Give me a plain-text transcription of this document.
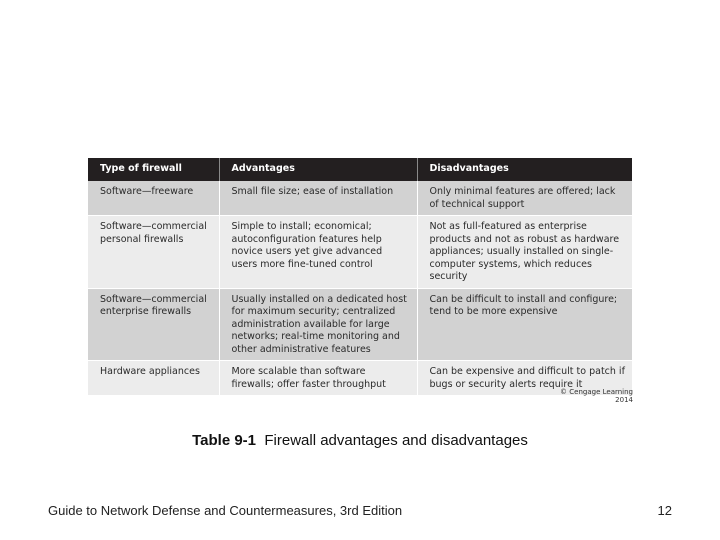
Type of firewall	Advantages	Disadvantages
Software—freeware	Small file size; ease of installation	Only minimal features are offered; lack of technical support
Software—commercial personal firewalls	Simple to install; economical; autoconfiguration features help novice users yet give advanced users more fine-tuned control	Not as full-featured as enterprise products and not as robust as hardware appliances; usually installed on single-computer systems, which reduces security
Software—commercial enterprise firewalls	Usually installed on a dedicated host for maximum security; centralized administration available for large networks; real-time monitoring and other administrative features	Can be difficult to install and configure; tend to be more expensive
Hardware appliances	More scalable than software firewalls; offer faster throughput	Can be expensive and difficult to patch if bugs or security alerts require it
© Cengage Learning 2014
Table 9-1 Firewall advantages and disadvantages
Guide to Network Defense and Countermeasures, 3rd Edition	12
